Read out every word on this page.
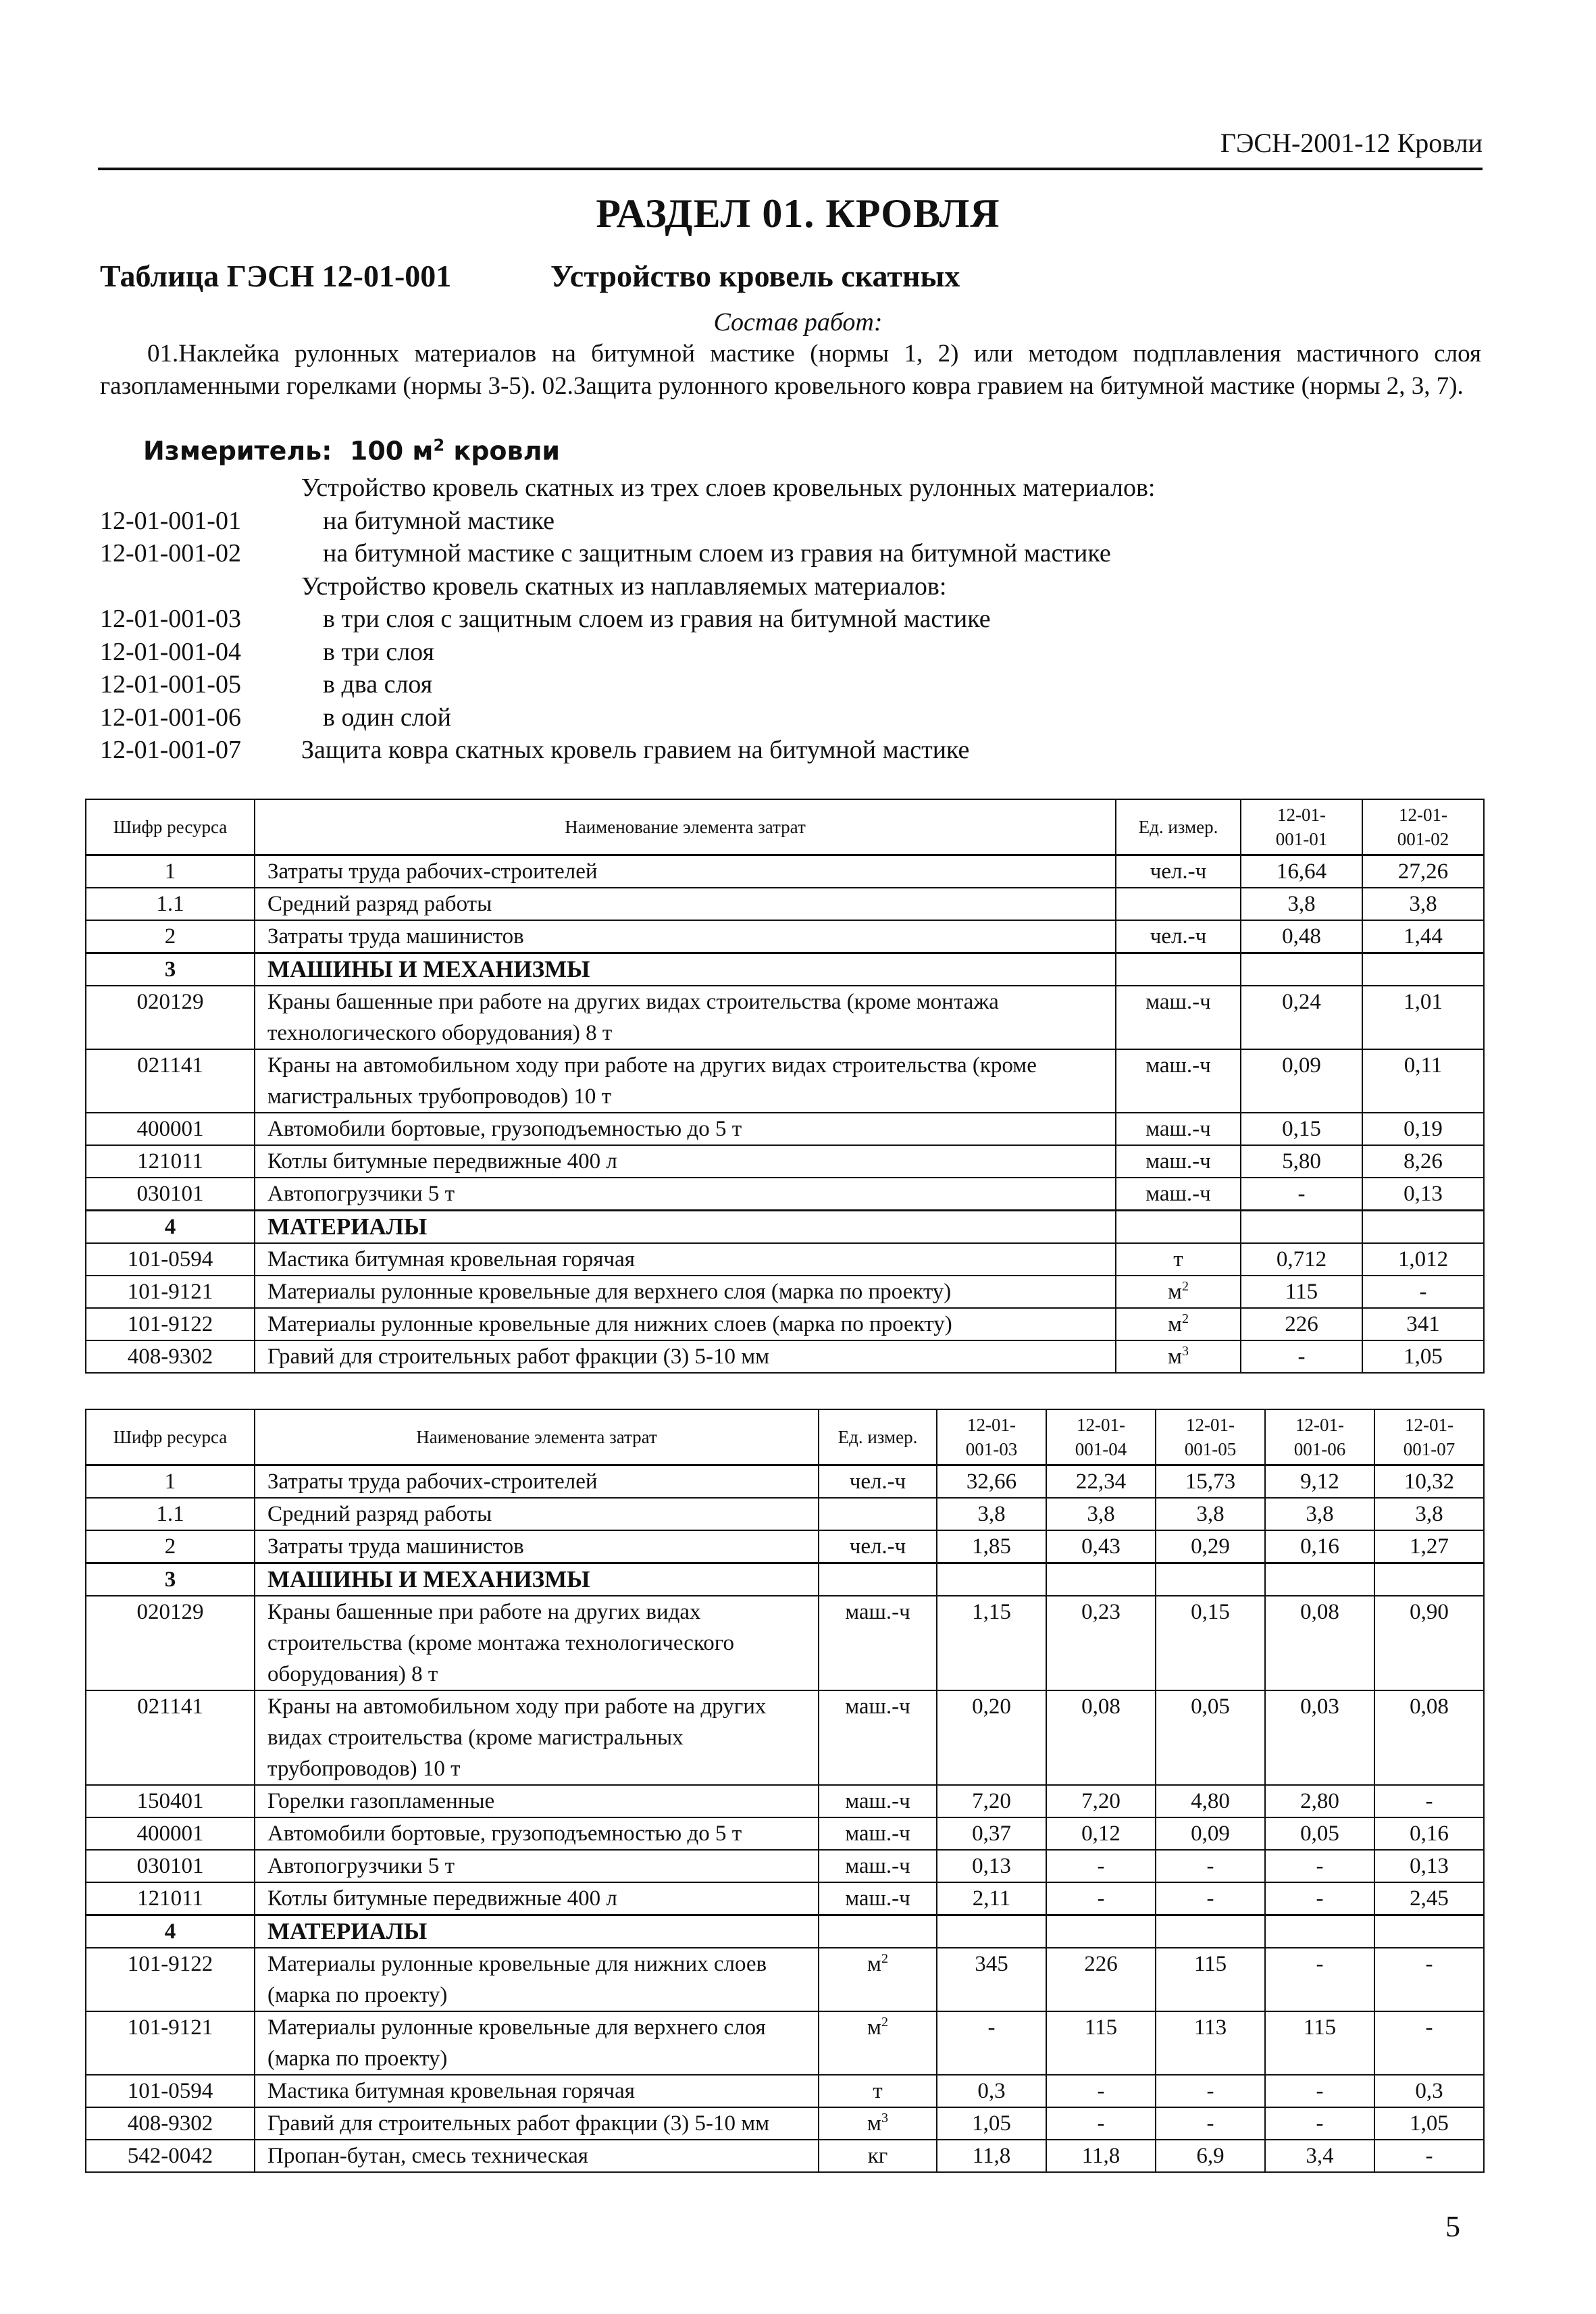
ГЭСН-2001-12 Кровли
РАЗДЕЛ 01. КРОВЛЯ
Таблица ГЭСН 12-01-001	Устройство кровель скатных
Состав работ:
01.Наклейка рулонных материалов на битумной мастике (нормы 1, 2) или методом подплавления мастичного слоя газопламенными горелками (нормы 3-5). 02.Защита рулонного кровельного ковра гравием на битумной мастике (нормы 2, 3, 7).
Измеритель: 100 $м^2$ кровли
Устройство кровель скатных из трех слоев кровельных рулонных материалов:
12-01-001-01	на битумной мастике
12-01-001-02	на битумной мастике с защитным слоем из гравия на битумной мастике
Устройство кровель скатных из наплавляемых материалов:
12-01-001-03	в три слоя с защитным слоем из гравия на битумной мастике
12-01-001-04	в три слоя
12-01-001-05	в два слоя
12-01-001-06	в один слой
12-01-001-07 Защита ковра скатных кровель гравием на битумной мастике
Шифр ресурса	Наименование элемента затрат	Ед. измер.	12-01-
001-01	12-01-
001-02
1	Затраты труда рабочих-строителей	чел.-ч	16,64	27,26
1.1	Средний разряд работы		3,8	3,8
2	Затраты труда машинистов	чел.-ч	0,48	1,44
3	МАШИНЫ И МЕХАНИЗМЫ			
020129	Краны башенные при работе на других видах строительства (кроме монтажа технологического оборудования) 8 т	маш.-ч	0,24	1,01
021141	Краны на автомобильном ходу при работе на других видах строительства (кроме магистральных трубопроводов) 10 т	маш.-ч	0,09	0,11
400001	Автомобили бортовые, грузоподъемностью до 5 т	маш.-ч	0,15	0,19
121011	Котлы битумные передвижные 400 л	маш.-ч	5,80	8,26
030101	Автопогрузчики 5 т	маш.-ч	-	0,13
4	МАТЕРИАЛЫ			
101-0594	Мастика битумная кровельная горячая	т	0,712	1,012
101-9121	Материалы рулонные кровельные для верхнего слоя (марка по проекту)	$м^2$	115	-
101-9122	Материалы рулонные кровельные для нижних слоев (марка по проекту)	$м^2$	226	341
408-9302	Гравий для строительных работ фракции (3) 5-10 мм	$м^3$	-	1,05
Шифр ресурса	Наименование элемента затрат	Ед. измер.	12-01-
001-03	12-01-
001-04	12-01-
001-05	12-01-
001-06	12-01-
001-07
1	Затраты труда рабочих-строителей	чел.-ч	32,66	22,34	15,73	9,12	10,32
1.1	Средний разряд работы		3,8	3,8	3,8	3,8	3,8
2	Затраты труда машинистов	чел.-ч	1,85	0,43	0,29	0,16	1,27
3	МАШИНЫ И МЕХАНИЗМЫ						
020129	Краны башенные при работе на других видах строительства (кроме монтажа технологического оборудования) 8 т	маш.-ч	1,15	0,23	0,15	0,08	0,90
021141	Краны на автомобильном ходу при работе на других видах строительства (кроме магистральных трубопроводов) 10 т	маш.-ч	0,20	0,08	0,05	0,03	0,08
150401	Горелки газопламенные	маш.-ч	7,20	7,20	4,80	2,80	-
400001	Автомобили бортовые, грузоподъемностью до 5 т	маш.-ч	0,37	0,12	0,09	0,05	0,16
030101	Автопогрузчики 5 т	маш.-ч	0,13	-	-	-	0,13
121011	Котлы битумные передвижные 400 л	маш.-ч	2,11	-	-	-	2,45
4	МАТЕРИАЛЫ						
101-9122	Материалы рулонные кровельные для нижних слоев (марка по проекту)	$м^2$	345	226	115	-	-
101-9121	Материалы рулонные кровельные для верхнего слоя (марка по проекту)	$м^2$	-	115	113	115	-
101-0594	Мастика битумная кровельная горячая	т	0,3	-	-	-	0,3
408-9302	Гравий для строительных работ фракции (3) 5-10 мм	$м^3$	1,05	-	-	-	1,05
542-0042	Пропан-бутан, смесь техническая	кг	11,8	11,8	6,9	3,4	-
5
